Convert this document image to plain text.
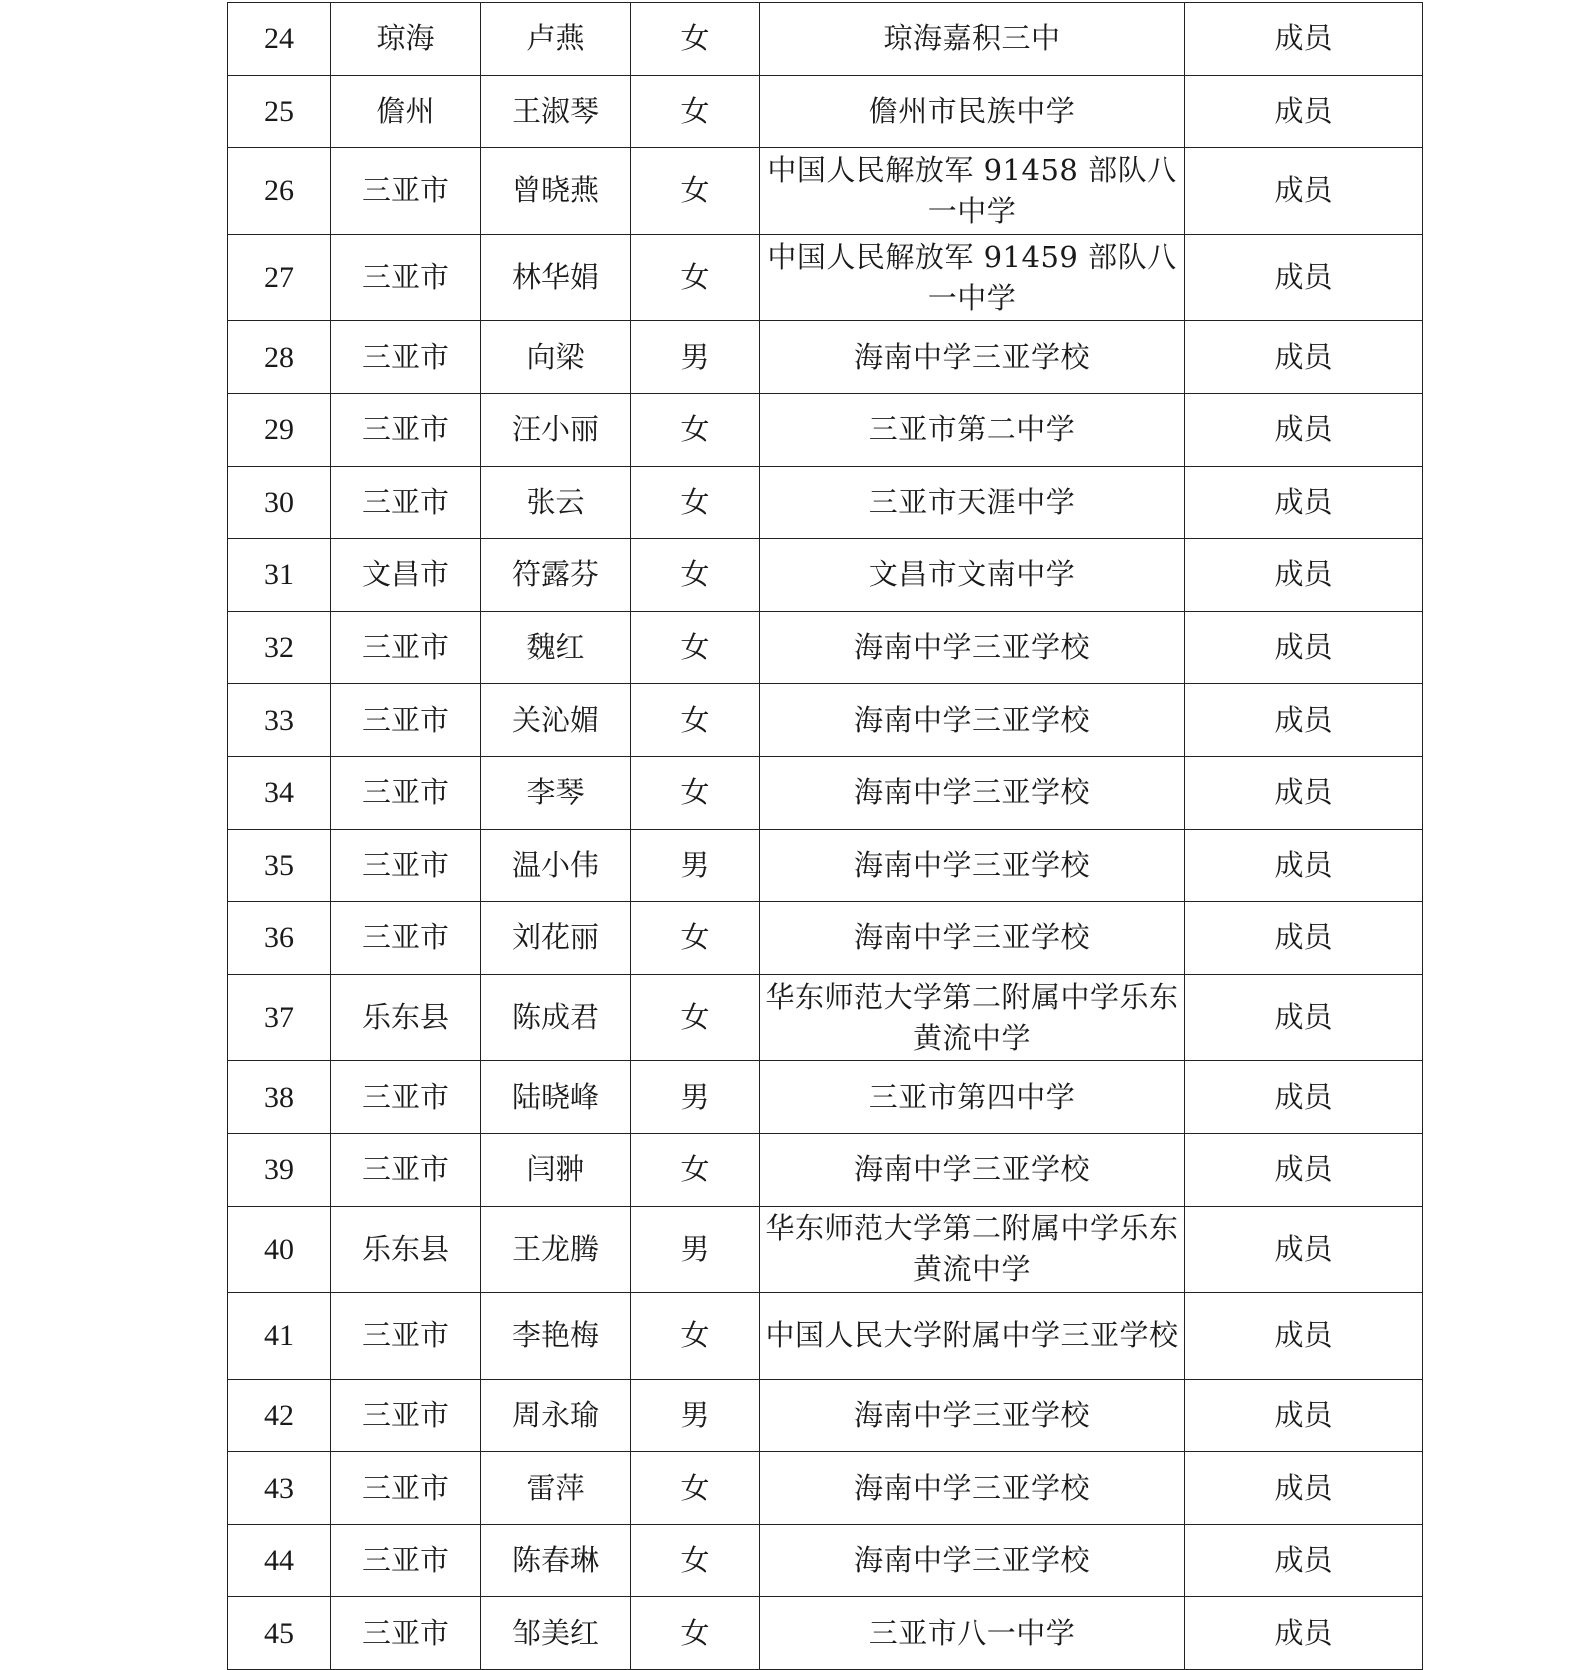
24	琼海	卢燕	女	琼海嘉积三中	成员
25	儋州	王淑琴	女	儋州市民族中学	成员
26	三亚市	曾晓燕	女	中国人民解放军 91458 部队八一中学	成员
27	三亚市	林华娟	女	中国人民解放军 91459 部队八一中学	成员
28	三亚市	向梁	男	海南中学三亚学校	成员
29	三亚市	汪小丽	女	三亚市第二中学	成员
30	三亚市	张云	女	三亚市天涯中学	成员
31	文昌市	符露芬	女	文昌市文南中学	成员
32	三亚市	魏红	女	海南中学三亚学校	成员
33	三亚市	关沁媚	女	海南中学三亚学校	成员
34	三亚市	李琴	女	海南中学三亚学校	成员
35	三亚市	温小伟	男	海南中学三亚学校	成员
36	三亚市	刘花丽	女	海南中学三亚学校	成员
37	乐东县	陈成君	女	华东师范大学第二附属中学乐东黄流中学	成员
38	三亚市	陆晓峰	男	三亚市第四中学	成员
39	三亚市	闫翀	女	海南中学三亚学校	成员
40	乐东县	王龙腾	男	华东师范大学第二附属中学乐东黄流中学	成员
41	三亚市	李艳梅	女	中国人民大学附属中学三亚学校	成员
42	三亚市	周永瑜	男	海南中学三亚学校	成员
43	三亚市	雷萍	女	海南中学三亚学校	成员
44	三亚市	陈春琳	女	海南中学三亚学校	成员
45	三亚市	邹美红	女	三亚市八一中学	成员
